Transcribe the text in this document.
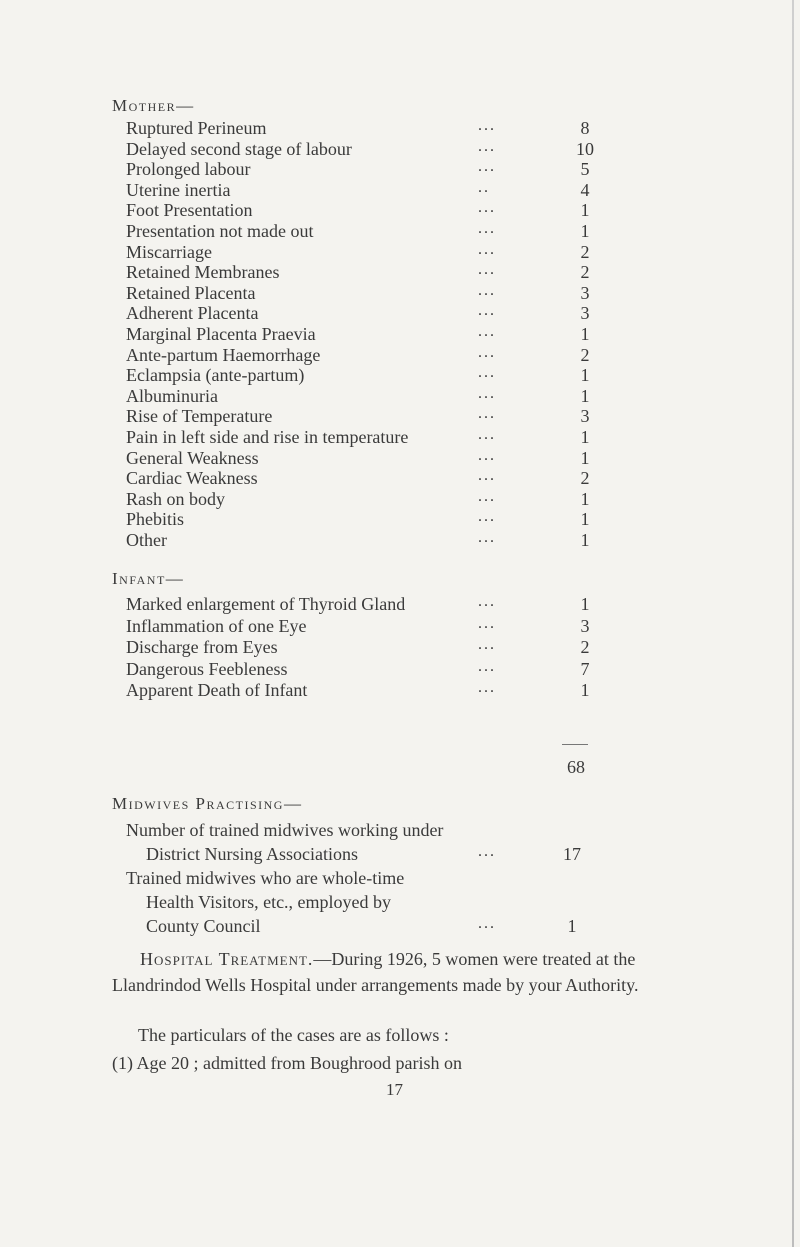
Mother—
Ruptured Perineum	...	8
Delayed second stage of labour	...	10
Prolonged labour	...	5
Uterine inertia	..	4
Foot Presentation	...	1
Presentation not made out	...	1
Miscarriage	...	2
Retained Membranes	...	2
Retained Placenta	...	3
Adherent Placenta	...	3
Marginal Placenta Praevia	...	1
Ante-partum Haemorrhage	...	2
Eclampsia (ante-partum)	...	1
Albuminuria	...	1
Rise of Temperature	...	3
Pain in left side and rise in temperature	...	1
General Weakness	...	1
Cardiac Weakness	...	2
Rash on body	...	1
Phebitis	...	1
Other	...	1
Infant—
Marked enlargement of Thyroid Gland	...	1
Inflammation of one Eye	...	3
Discharge from Eyes	...	2
Dangerous Feebleness	...	7
Apparent Death of Infant	...	1
68
Midwives Practising—
Number of trained midwives working under
District Nursing Associations	...	17
Trained midwives who are whole-time
Health Visitors, etc., employed by
County Council	...	1
Hospital Treatment.—During 1926, 5 women were treated at the Llandrindod Wells Hospital under arrangements made by your Authority.
The particulars of the cases are as follows :
(1) Age 20 ; admitted from Boughrood parish on
17
